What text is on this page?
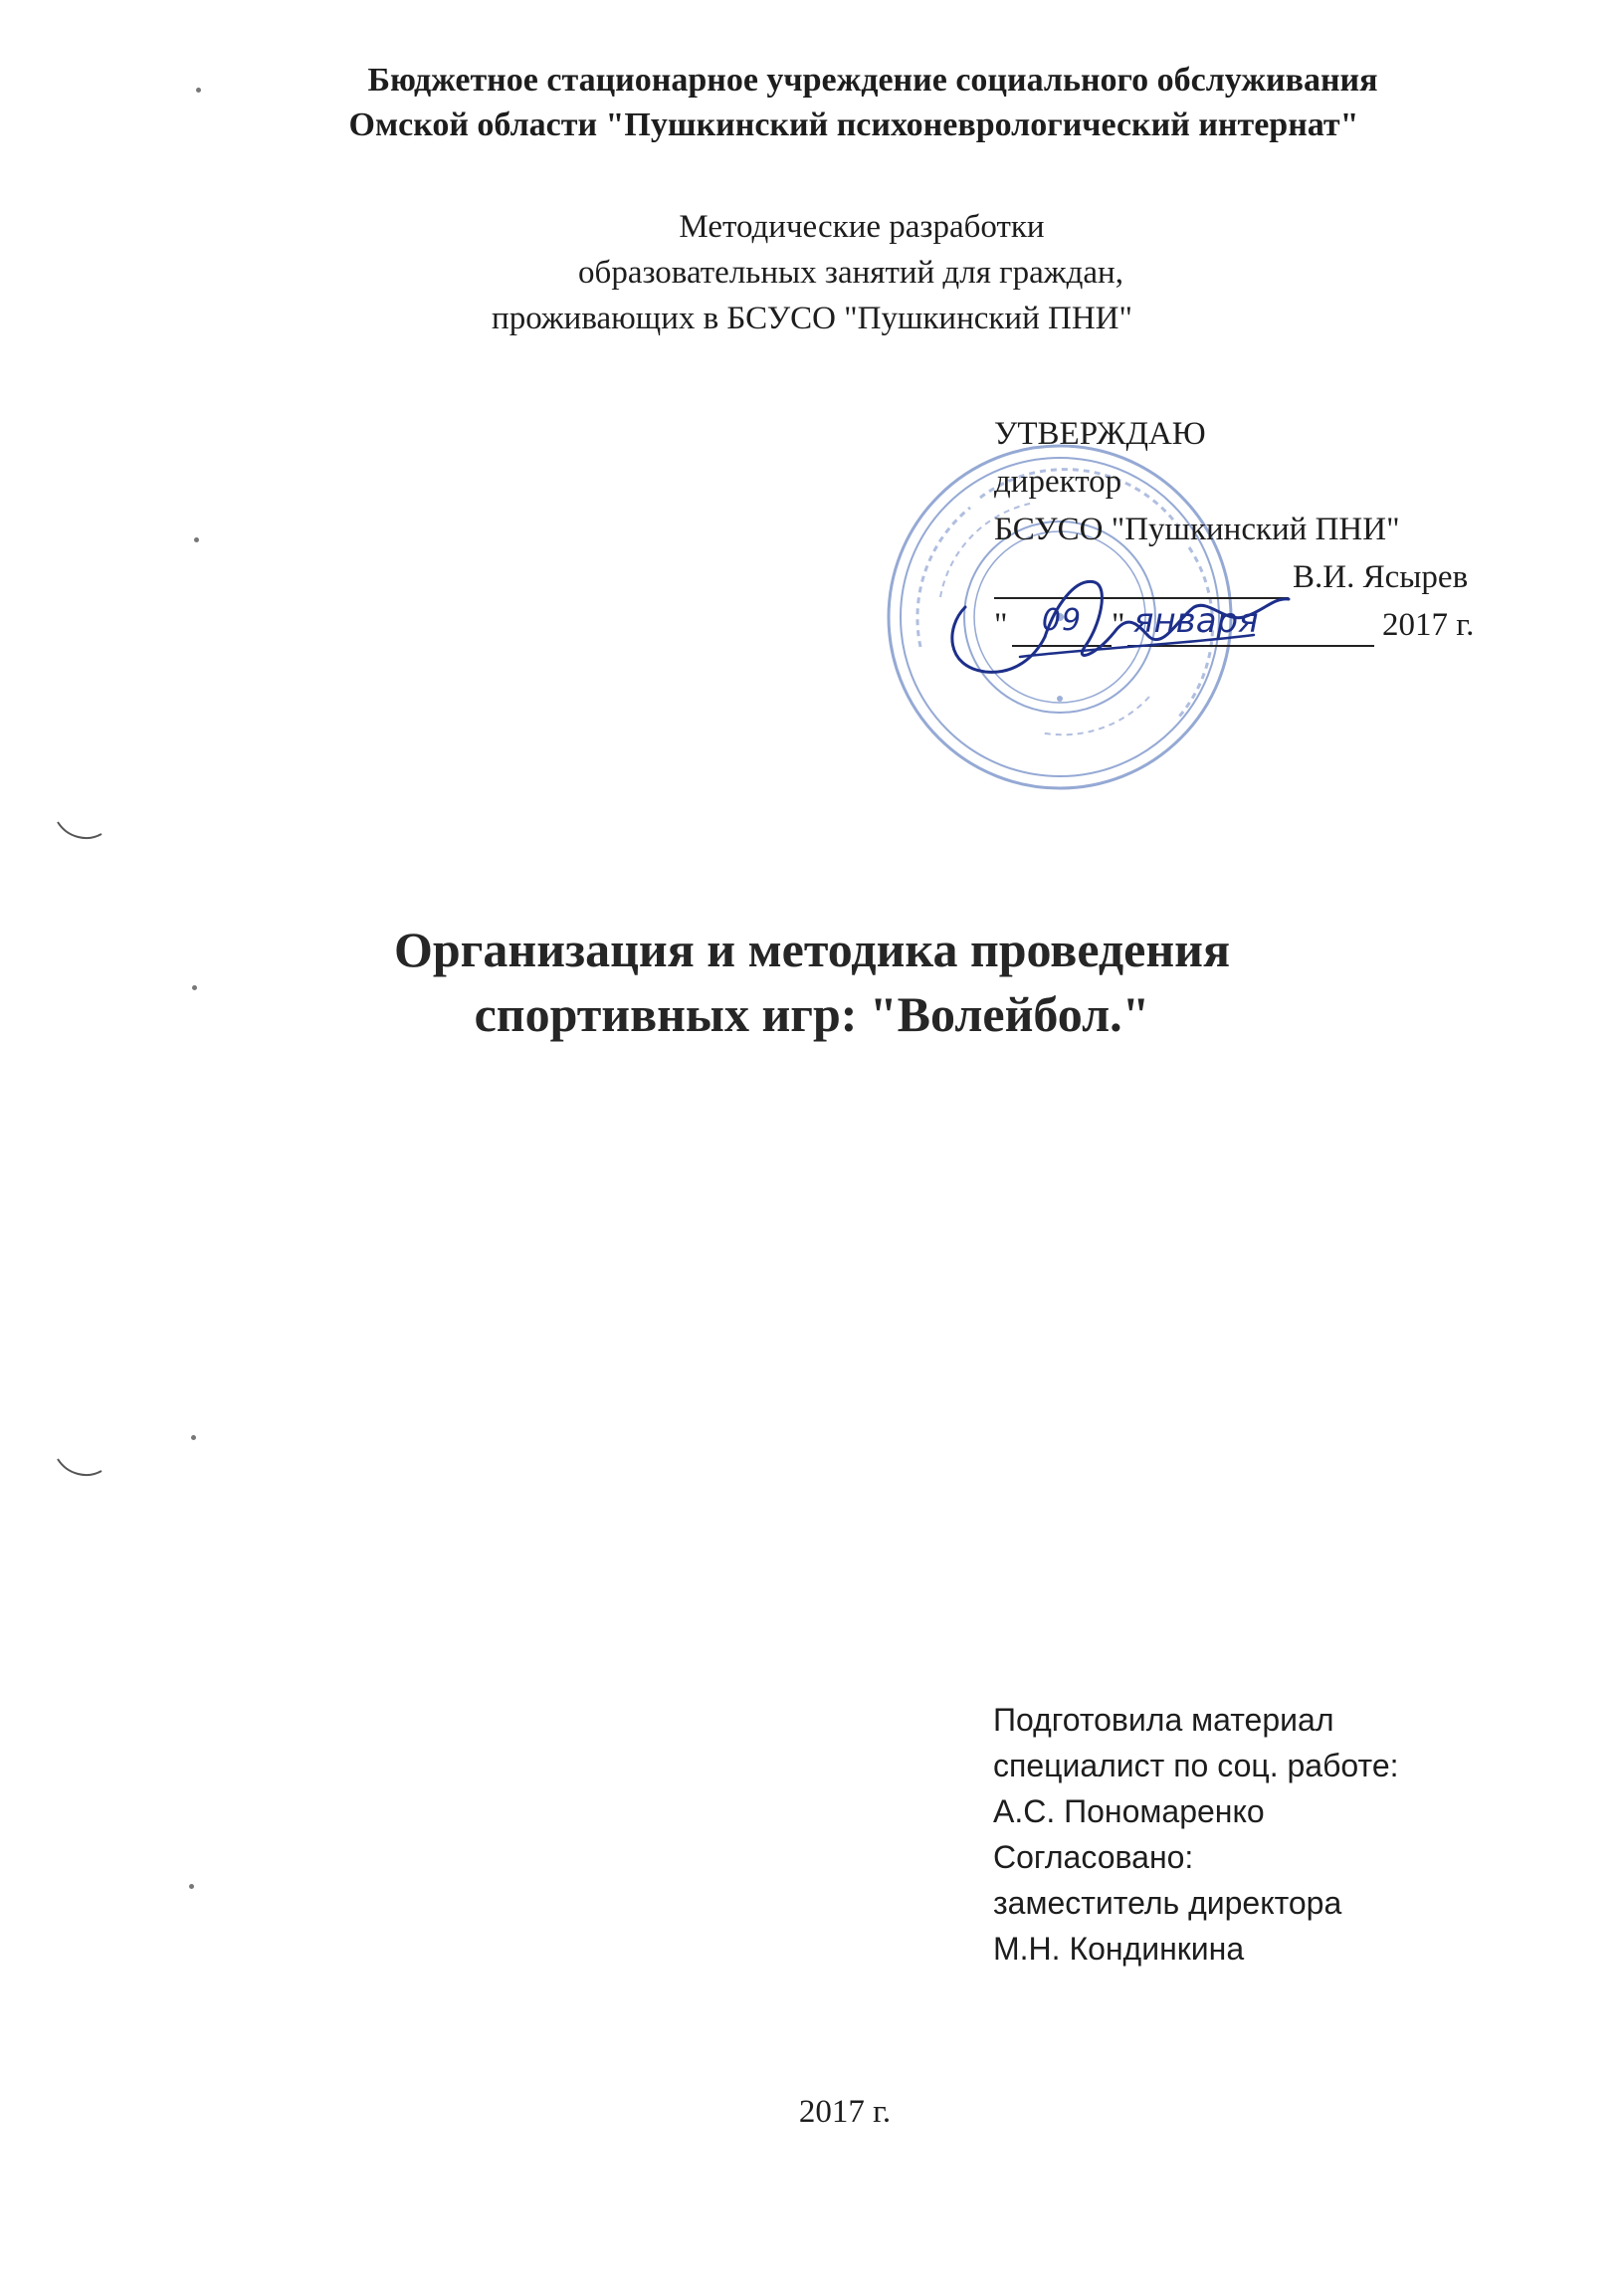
Бюджетное стационарное учреждение социального обслуживания
Омской области "Пушкинский психоневрологический интернат"
Методические разработки
образовательных занятий для граждан,
проживающих в БСУСО "Пушкинский ПНИ"
УТВЕРЖДАЮ
директор
БСУСО "Пушкинский ПНИ"
В.И. Ясырев
"	09 " января	2017 г.
Организация и методика проведения
спортивных игр: "Волейбол."
Подготовила материал
специалист по соц. работе:
А.С. Пономаренко
Согласовано:
заместитель директора
М.Н. Кондинкина
2017 г.
